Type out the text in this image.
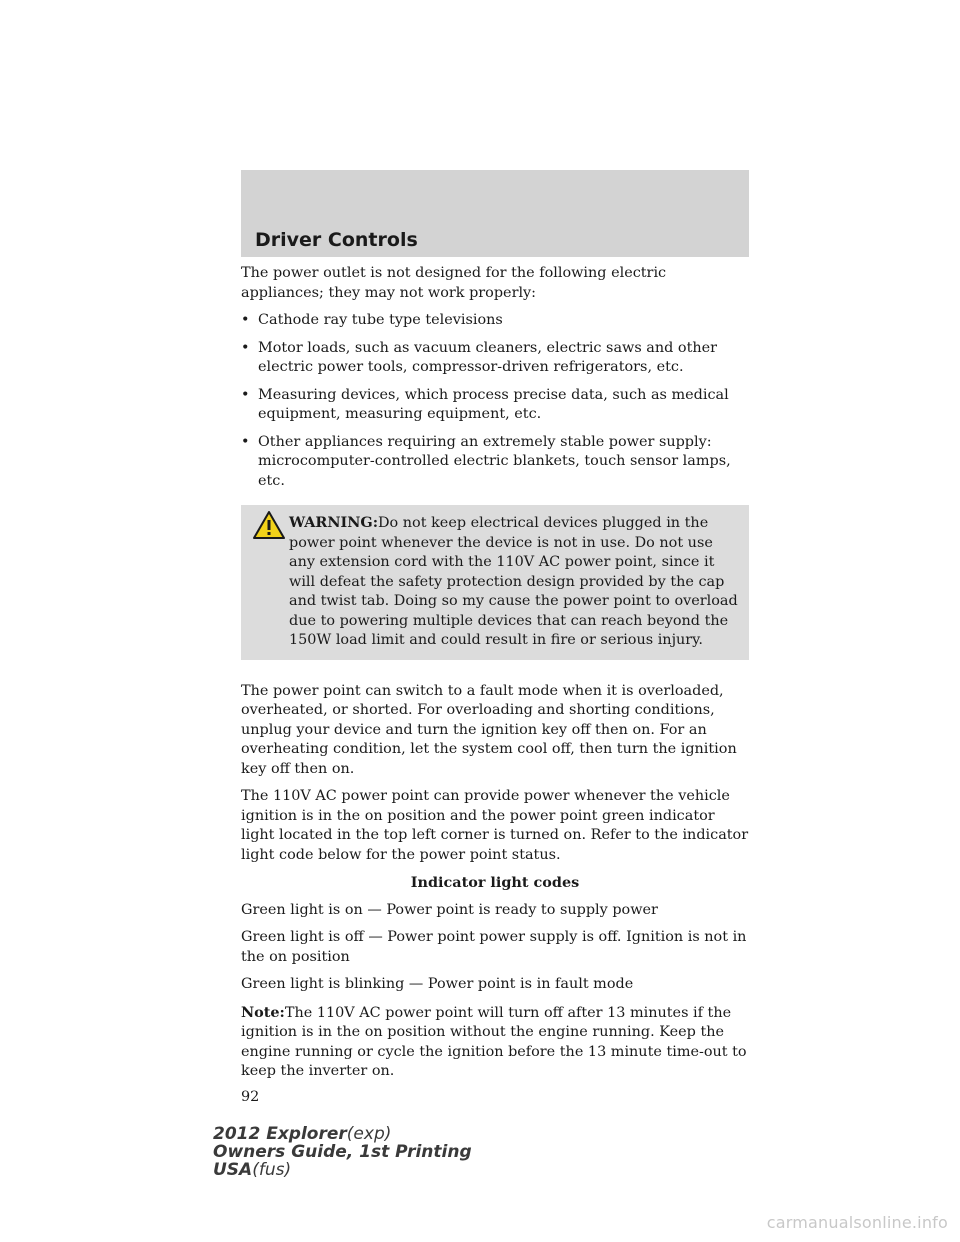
Driver Controls

The power outlet is not designed for the following electric appliances; they may not work properly:

• Cathode ray tube type televisions
• Motor loads, such as vacuum cleaners, electric saws and other electric power tools, compressor-driven refrigerators, etc.
• Measuring devices, which process precise data, such as medical equipment, measuring equipment, etc.
• Other appliances requiring an extremely stable power supply: microcomputer-controlled electric blankets, touch sensor lamps, etc.

WARNING:Do not keep electrical devices plugged in the power point whenever the device is not in use. Do not use any extension cord with the 110V AC power point, since it will defeat the safety protection design provided by the cap and twist tab. Doing so my cause the power point to overload due to powering multiple devices that can reach beyond the 150W load limit and could result in fire or serious injury.

The power point can switch to a fault mode when it is overloaded, overheated, or shorted. For overloading and shorting conditions, unplug your device and turn the ignition key off then on. For an overheating condition, let the system cool off, then turn the ignition key off then on.

The 110V AC power point can provide power whenever the vehicle ignition is in the on position and the power point green indicator light located in the top left corner is turned on. Refer to the indicator light code below for the power point status.

Indicator light codes

Green light is on — Power point is ready to supply power

Green light is off — Power point power supply is off. Ignition is not in the on position

Green light is blinking — Power point is in fault mode

Note:The 110V AC power point will turn off after 13 minutes if the ignition is in the on position without the engine running. Keep the engine running or cycle the ignition before the 13 minute time-out to keep the inverter on.

92

2012 Explorer(exp)
Owners Guide, 1st Printing
USA(fus)
carmanualsonline.info
